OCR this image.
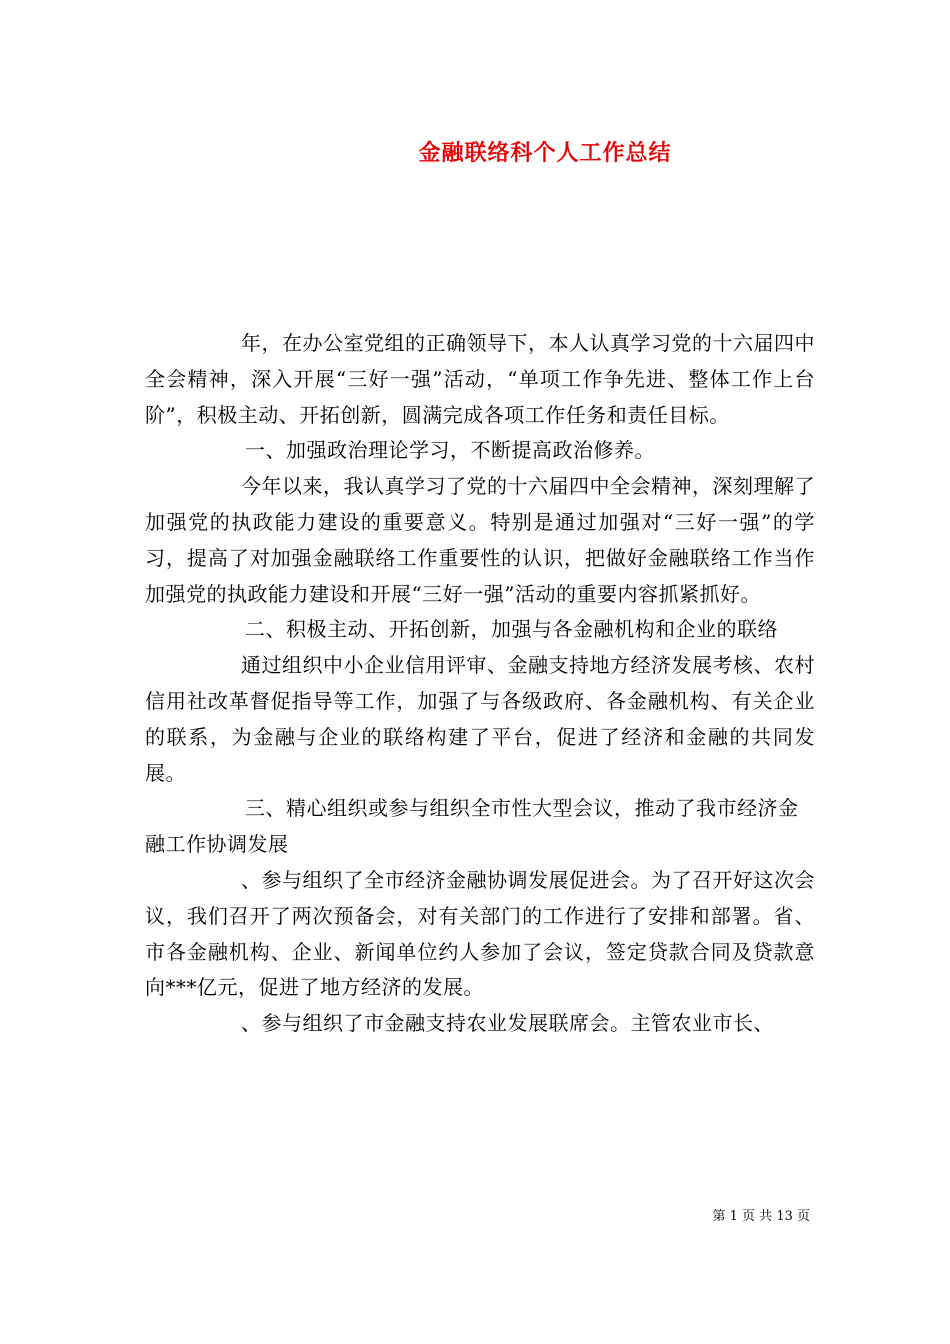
金融联络科个人工作总结

年，在办公室党组的正确领导下，本人认真学习党的十六届四中全会精神，深入开展“三好一强”活动，“单项工作争先进、整体工作上台阶”，积极主动、开拓创新，圆满完成各项工作任务和责任目标。

一、加强政治理论学习，不断提高政治修养。

今年以来，我认真学习了党的十六届四中全会精神，深刻理解了加强党的执政能力建设的重要意义。特别是通过加强对“三好一强”的学习，提高了对加强金融联络工作重要性的认识，把做好金融联络工作当作加强党的执政能力建设和开展“三好一强”活动的重要内容抓紧抓好。

二、积极主动、开拓创新，加强与各金融机构和企业的联络

通过组织中小企业信用评审、金融支持地方经济发展考核、农村信用社改革督促指导等工作，加强了与各级政府、各金融机构、有关企业的联系，为金融与企业的联络构建了平台，促进了经济和金融的共同发展。

三、精心组织或参与组织全市性大型会议，推动了我市经济金融工作协调发展

、参与组织了全市经济金融协调发展促进会。为了召开好这次会议，我们召开了两次预备会，对有关部门的工作进行了安排和部署。省、市各金融机构、企业、新闻单位约人参加了会议，签定贷款合同及贷款意向***亿元，促进了地方经济的发展。

、参与组织了市金融支持农业发展联席会。主管农业市长、

第 1 页 共 13 页
